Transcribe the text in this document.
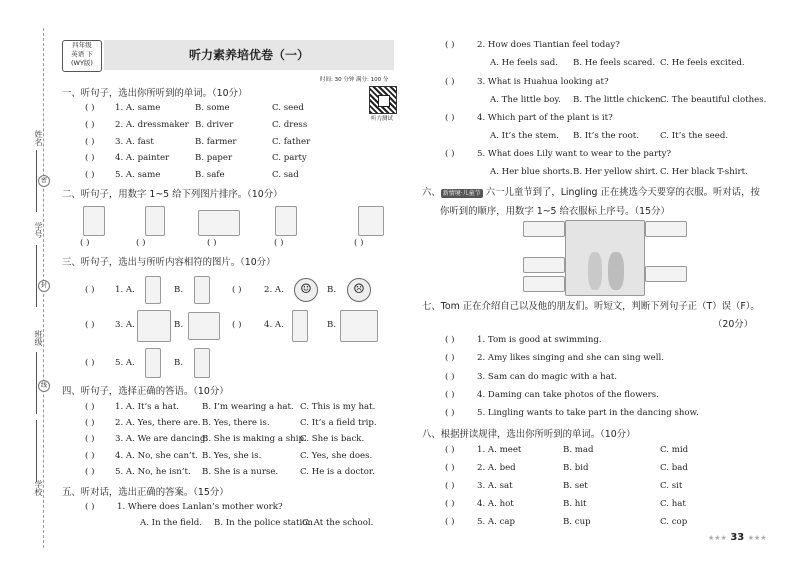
姓名
学号
班级
学校
密
封
线
四年级
英语 下
(WY版)
听力素养培优卷（一）
时间: 30 分钟 满分: 100 分
听力测试
一、听句子，选出你所听到的单词。（10分）
( ) 1. A. same	B. some	C. seed
( ) 2. A. dressmaker B. driver	C. dress
( ) 3. A. fast	B. farmer	C. father
( ) 4. A. painter	B. paper	C. party
( ) 5. A. same	B. safe	C. sad
二、听句子，用数字 1~5 给下列图片排序。（10分）
( )	( )	( )	( )	( )
三、听句子，选出与所听内容相符的图片。（10分）
( ) 1. A.	B.	( )	2. A.	☺	B.	☹
( ) 3. A.	B.	( )	4. A.	B.
( ) 5. A.	B.
四、听句子，选择正确的答语。（10分）
( ) 1. A. It’s a hat.	B. I’m wearing a hat. C. This is my hat.
( ) 2. A. Yes, there are. B. Yes, there is.	C. It’s a field trip.
( ) 3. A. We are dancing.
B. She is making a ship.
C. She is back.
( ) 4. A. No, she can’t. B. Yes, she is.	C. Yes, she does.
( ) 5. A. No, he isn’t. B. She is a nurse.	C. He is a doctor.
五、听对话，选出正确的答案。（15分）
( )	1. Where does Lanlan’s mother work?
A. In the field. B. In the police station.
C. At the school.
( )	2. How does Tiantian feel today?
A. He feels sad. B. He feels scared. C. He feels excited.
( )	3. What is Huahua looking at?
A. The little boy. B. The little chicken.
C. The beautiful clothes.
( )	4. Which part of the plant is it?
A. It’s the stem. B. It’s the root. C. It’s the seed.
( )	5. What does Lily want to wear to the party?
A. Her blue shorts. B. Her yellow shirt. C. Her black T-shirt.
六、 新情境·儿童节 六一儿童节到了，Lingling 正在挑选今天要穿的衣服。听对话，按
你听到的顺序，用数字 1~5 给衣服标上序号。（15分）
七、Tom 正在介绍自己以及他的朋友们。听短文，判断下列句子正（T）误（F）。
（20分）
( )	1. Tom is good at swimming.
( )	2. Amy likes singing and she can sing well.
( )	3. Sam can do magic with a hat.
( )	4. Daming can take photos of the flowers.
( )	5. Lingling wants to take part in the dancing show.
八、根据拼读规律，选出你所听到的单词。（10分）
( )	1. A. meet	B. mad	C. mid
( )	2. A. bed	B. bid	C. bad
( )	3. A. sat	B. set	C. sit
( )	4. A. hot	B. hit	C. hat
( )	5. A. cap	B. cup	C. cop
★★★ 33 ★★★
